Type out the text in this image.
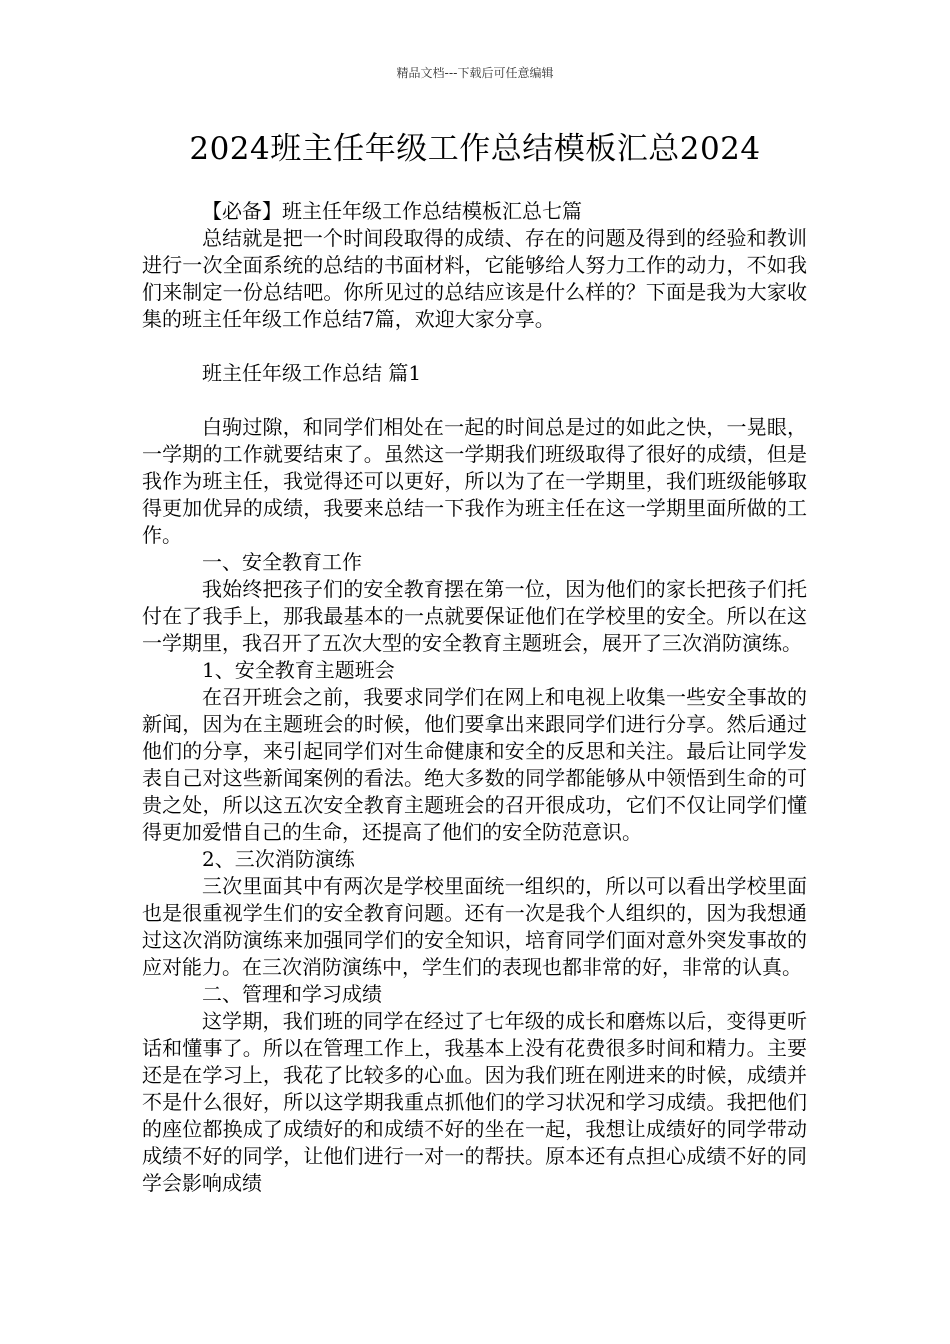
精品文档---下载后可任意编辑
2024班主任年级工作总结模板汇总2024

【必备】班主任年级工作总结模板汇总七篇

总结就是把一个时间段取得的成绩、存在的问题及得到的经验和教训进行一次全面系统的总结的书面材料，它能够给人努力工作的动力，不如我们来制定一份总结吧。你所见过的总结应该是什么样的？下面是我为大家收集的班主任年级工作总结7篇，欢迎大家分享。

班主任年级工作总结 篇1

白驹过隙，和同学们相处在一起的时间总是过的如此之快，一晃眼，一学期的工作就要结束了。虽然这一学期我们班级取得了很好的成绩，但是我作为班主任，我觉得还可以更好，所以为了在一学期里，我们班级能够取得更加优异的成绩，我要来总结一下我作为班主任在这一学期里面所做的工作。

一、安全教育工作

我始终把孩子们的安全教育摆在第一位，因为他们的家长把孩子们托付在了我手上，那我最基本的一点就要保证他们在学校里的安全。所以在这一学期里，我召开了五次大型的安全教育主题班会，展开了三次消防演练。

1、安全教育主题班会

在召开班会之前，我要求同学们在网上和电视上收集一些安全事故的新闻，因为在主题班会的时候，他们要拿出来跟同学们进行分享。然后通过他们的分享，来引起同学们对生命健康和安全的反思和关注。最后让同学发表自己对这些新闻案例的看法。绝大多数的同学都能够从中领悟到生命的可贵之处，所以这五次安全教育主题班会的召开很成功，它们不仅让同学们懂得更加爱惜自己的生命，还提高了他们的安全防范意识。

2、三次消防演练

三次里面其中有两次是学校里面统一组织的，所以可以看出学校里面也是很重视学生们的安全教育问题。还有一次是我个人组织的，因为我想通过这次消防演练来加强同学们的安全知识，培育同学们面对意外突发事故的应对能力。在三次消防演练中，学生们的表现也都非常的好，非常的认真。

二、管理和学习成绩

这学期，我们班的同学在经过了七年级的成长和磨炼以后，变得更听话和懂事了。所以在管理工作上，我基本上没有花费很多时间和精力。主要还是在学习上，我花了比较多的心血。因为我们班在刚进来的时候，成绩并不是什么很好，所以这学期我重点抓他们的学习状况和学习成绩。我把他们的座位都换成了成绩好的和成绩不好的坐在一起，我想让成绩好的同学带动成绩不好的同学，让他们进行一对一的帮扶。原本还有点担心成绩不好的同学会影响成绩
